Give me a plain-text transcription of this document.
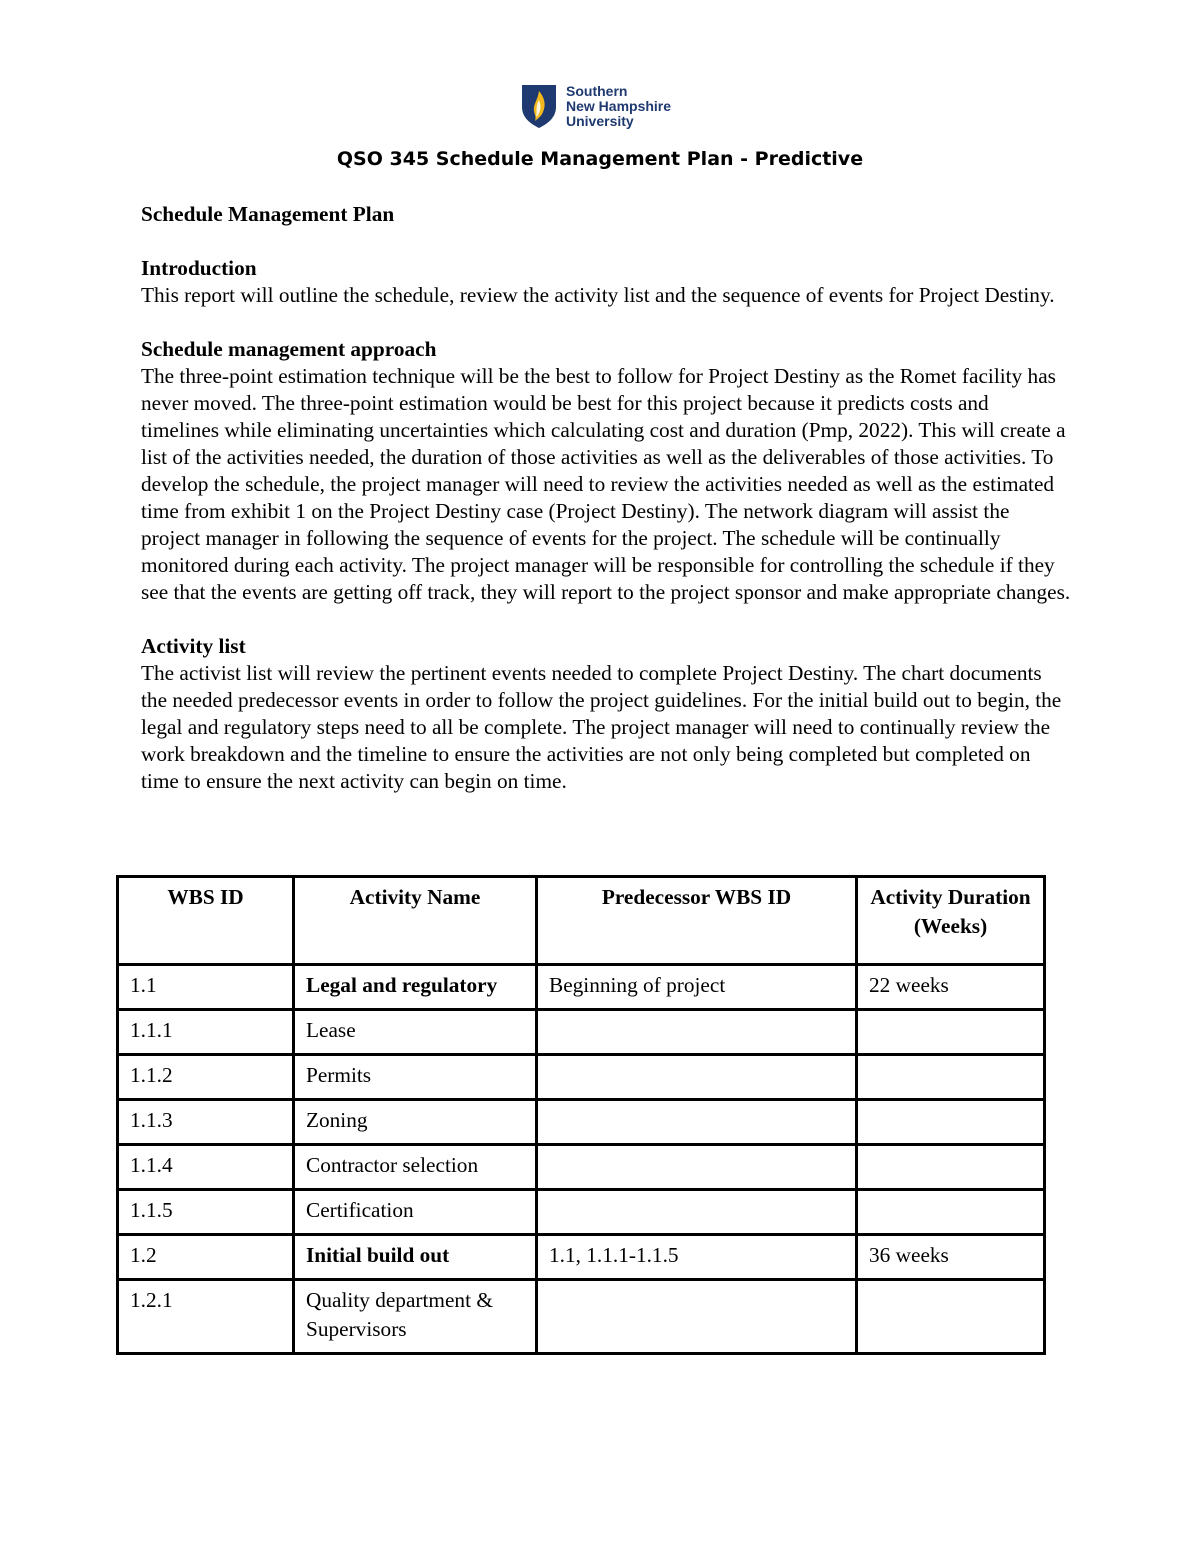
Southern
New Hampshire
University
QSO 345 Schedule Management Plan - Predictive
Schedule Management Plan
Introduction

This report will outline the schedule, review the activity list and the sequence of events for Project Destiny.

Schedule management approach

The three-point estimation technique will be the best to follow for Project Destiny as the Romet facility has never moved. The three-point estimation would be best for this project because it predicts costs and timelines while eliminating uncertainties which calculating cost and duration (Pmp, 2022). This will create a list of the activities needed, the duration of those activities as well as the deliverables of those activities. To develop the schedule, the project manager will need to review the activities needed as well as the estimated time from exhibit 1 on the Project Destiny case (Project Destiny). The network diagram will assist the project manager in following the sequence of events for the project. The schedule will be continually monitored during each activity. The project manager will be responsible for controlling the schedule if they see that the events are getting off track, they will report to the project sponsor and make appropriate changes.

Activity list

The activist list will review the pertinent events needed to complete Project Destiny. The chart documents the needed predecessor events in order to follow the project guidelines. For the initial build out to begin, the legal and regulatory steps need to all be complete. The project manager will need to continually review the work breakdown and the timeline to ensure the activities are not only being completed but completed on time to ensure the next activity can begin on time.

WBS ID	Activity Name	Predecessor WBS ID	Activity Duration (Weeks)
1.1	Legal and regulatory	Beginning of project	22 weeks
1.1.1	Lease		
1.1.2	Permits		
1.1.3	Zoning		
1.1.4	Contractor selection		
1.1.5	Certification		
1.2	Initial build out	1.1, 1.1.1-1.1.5	36 weeks
1.2.1	Quality department & Supervisors		
